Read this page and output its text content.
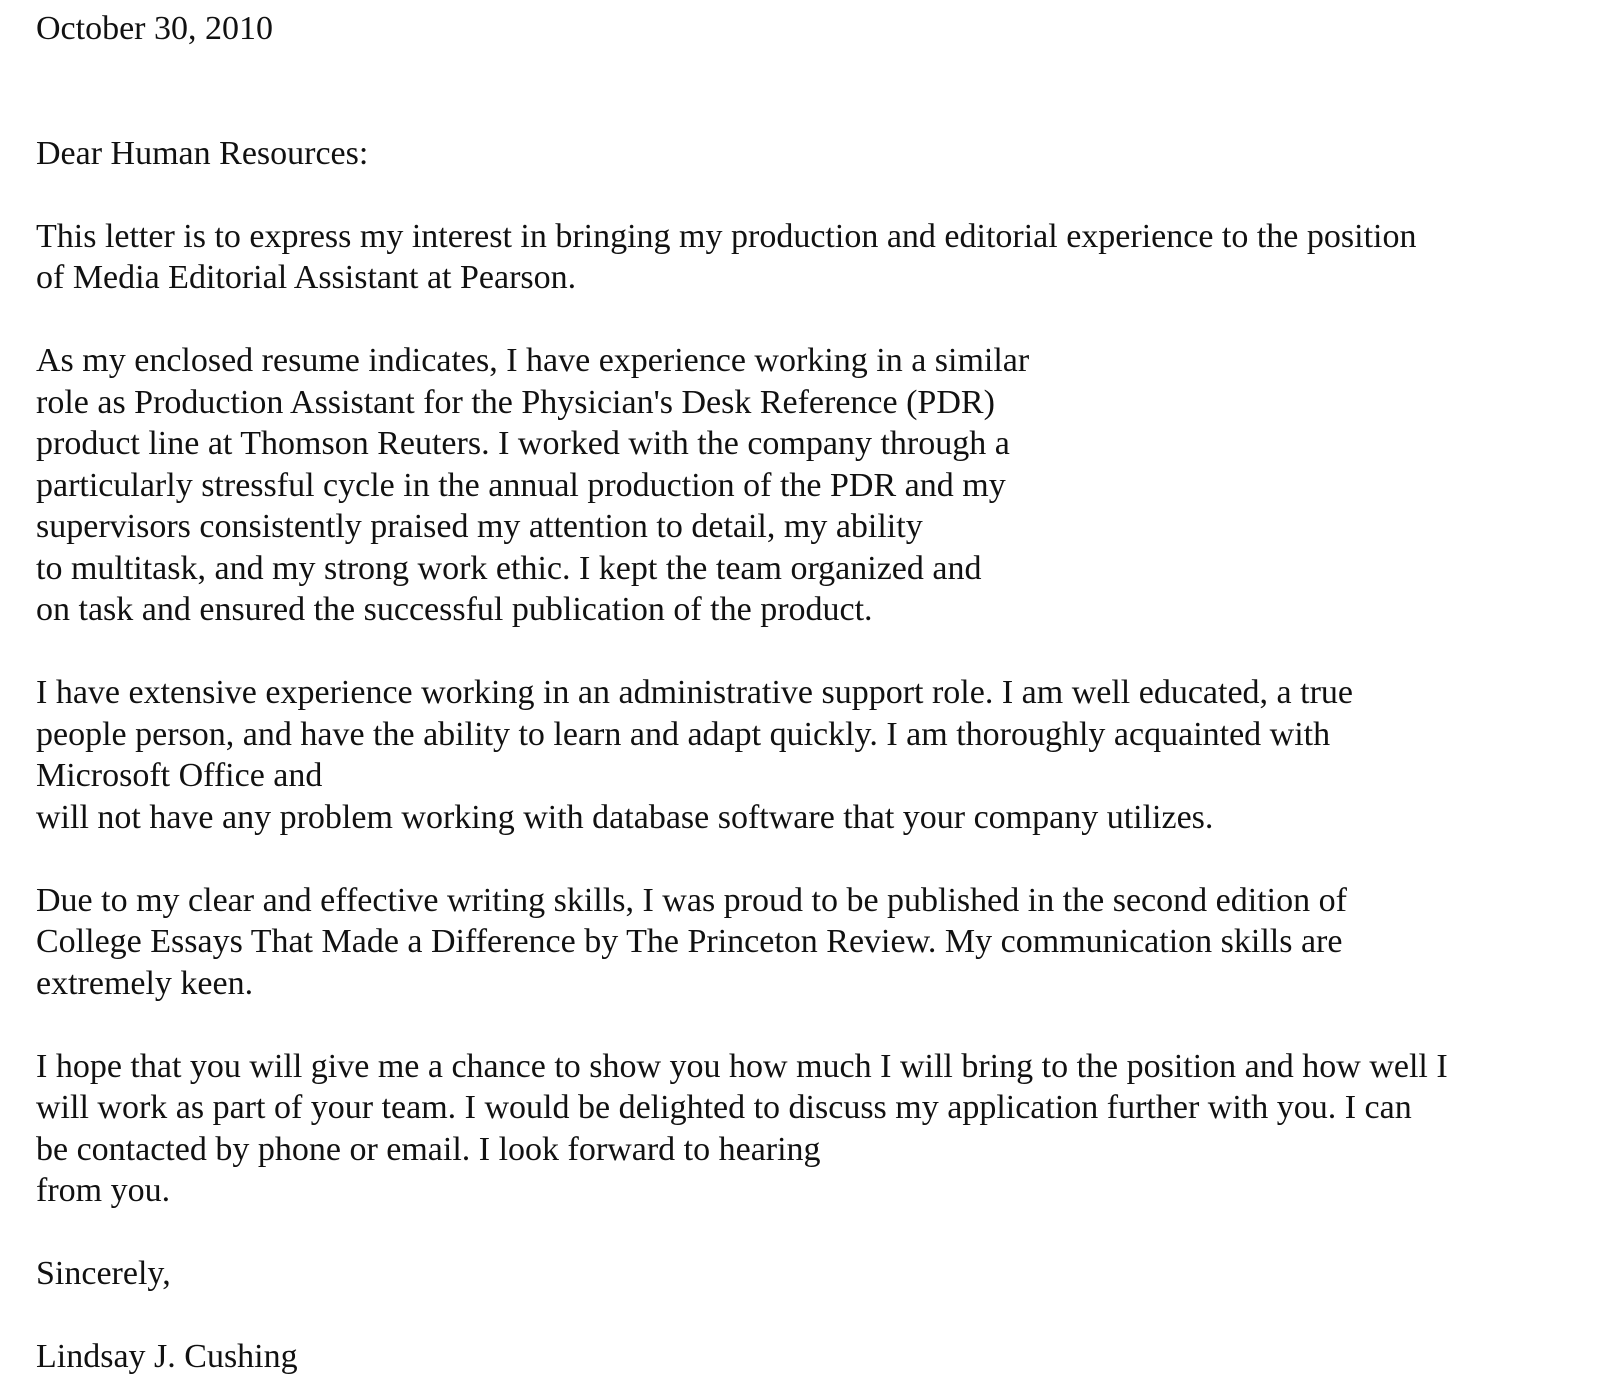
October 30, 2010
Dear Human Resources:
This letter is to express my interest in bringing my production and editorial experience to the position
of Media Editorial Assistant at Pearson.
As my enclosed resume indicates, I have experience working in a similar
role as Production Assistant for the Physician's Desk Reference (PDR)
product line at Thomson Reuters. I worked with the company through a
particularly stressful cycle in the annual production of the PDR and my
supervisors consistently praised my attention to detail, my ability
to multitask, and my strong work ethic. I kept the team organized and
on task and ensured the successful publication of the product.
I have extensive experience working in an administrative support role. I am well educated, a true
people person, and have the ability to learn and adapt quickly. I am thoroughly acquainted with
Microsoft Office and
will not have any problem working with database software that your company utilizes.
Due to my clear and effective writing skills, I was proud to be published in the second edition of
College Essays That Made a Difference by The Princeton Review. My communication skills are
extremely keen.
I hope that you will give me a chance to show you how much I will bring to the position and how well I
will work as part of your team. I would be delighted to discuss my application further with you. I can
be contacted by phone or email. I look forward to hearing
from you.
Sincerely,
Lindsay J. Cushing
